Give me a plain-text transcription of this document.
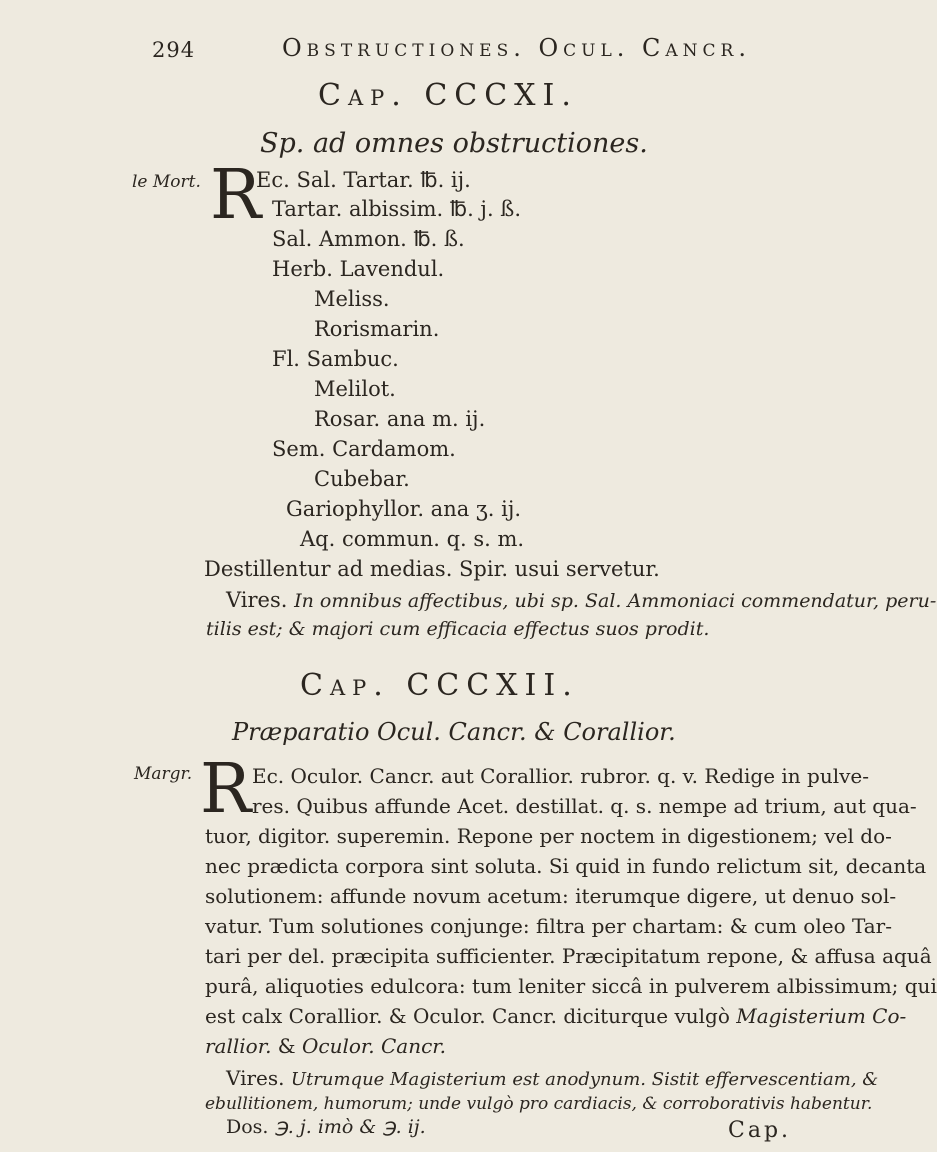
294	Obstructiones. Ocul. Cancr.
Cap. CCCXI.
Sp. ad omnes obstructiones.
le Mort. R
Ec. Sal. Tartar. ℔. ij.
Tartar. albissim. ℔. j. ß.
Sal. Ammon. ℔. ß.
Herb. Lavendul.
Meliss.
Rorismarin.
Fl. Sambuc.
Melilot.
Rosar. ana m. ij.
Sem. Cardamom.
Cubebar.
Gariophyllor. ana ʒ. ij.
Aq. commun. q. s. m.
Destillentur ad medias. Spir. usui servetur.
Vires. In omnibus affectibus, ubi sp. Sal. Ammoniaci commendatur, peru-
tilis est; & majori cum efficacia effectus suos prodit.
Cap. CCCXII.
Præparatio Ocul. Cancr. & Corallior.
Margr. R Ec. Oculor. Cancr. aut Corallior. rubror. q. v. Redige in pulve-
res. Quibus affunde Acet. destillat. q. s. nempe ad trium, aut qua-
tuor, digitor. superemin. Repone per noctem in digestionem; vel do-
nec prædicta corpora sint soluta. Si quid in fundo relictum sit, decanta
solutionem: affunde novum acetum: iterumque digere, ut denuo sol-
vatur. Tum solutiones conjunge: filtra per chartam: & cum oleo Tar-
tari per del. præcipita sufficienter. Præcipitatum repone, & affusa aquâ
purâ, aliquoties edulcora: tum leniter siccâ in pulverem albissimum; qui
est calx Corallior. & Oculor. Cancr. diciturque vulgò Magisterium Co-
rallior. & Oculor. Cancr.
Vires. Utrumque Magisterium est anodynum. Sistit effervescentiam, &
ebullitionem, humorum; unde vulgò pro cardiacis, & corroborativis habentur.
Dos. ℈. j. imò & ℈. ij.	Cap.
